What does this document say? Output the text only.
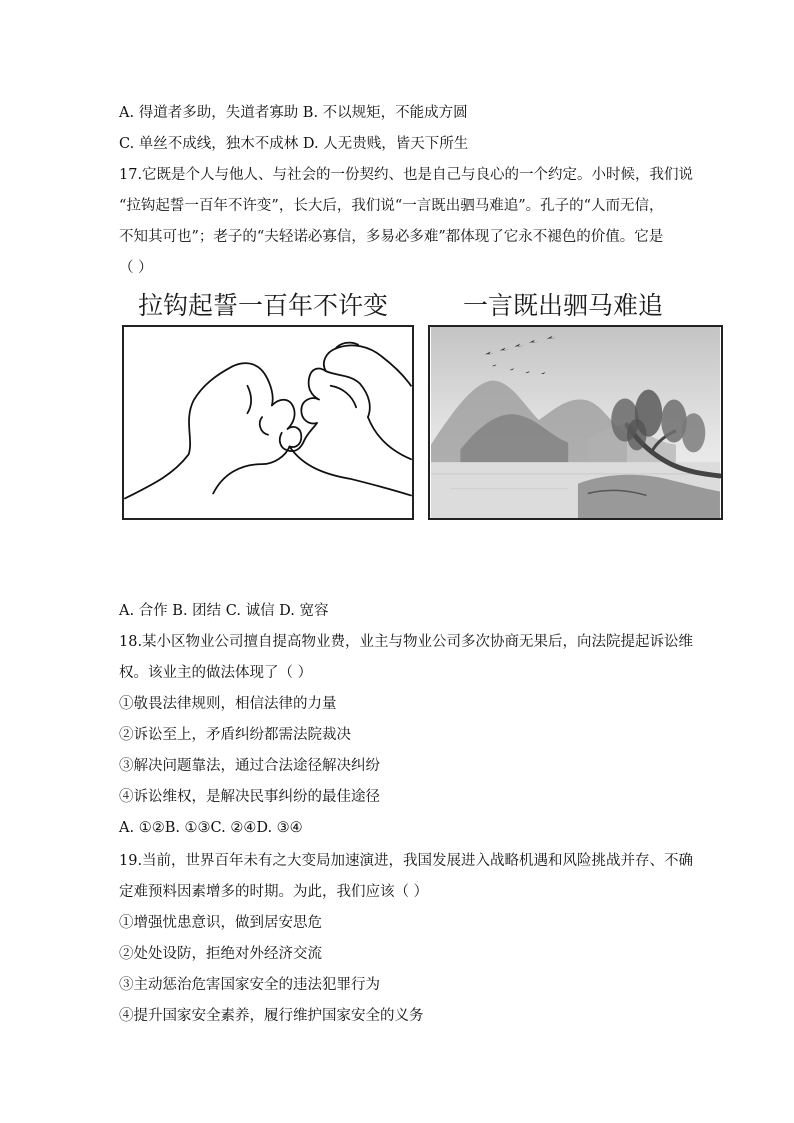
A. 得道者多助，失道者寡助 B. 不以规矩，不能成方圆
C. 单丝不成线，独木不成林 D. 人无贵贱，皆天下所生
17.它既是个人与他人、与社会的一份契约、也是自己与良心的一个约定。小时候，我们说
“拉钩起誓一百年不许变”，长大后，我们说“一言既出驷马难追”。孔子的“人而无信，
不知其可也”；老子的“夫轻诺必寡信，多易必多难”都体现了它永不褪色的价值。它是
（ ）
拉钩起誓一百年不许变	一言既出驷马难追
A. 合作 B. 团结 C. 诚信 D. 宽容
18.某小区物业公司擅自提高物业费，业主与物业公司多次协商无果后，向法院提起诉讼维
权。该业主的做法体现了（ ）
①敬畏法律规则，相信法律的力量
②诉讼至上，矛盾纠纷都需法院裁决
③解决问题靠法，通过合法途径解决纠纷
④诉讼维权，是解决民事纠纷的最佳途径
A. ①②B. ①③C. ②④D. ③④
19.当前，世界百年未有之大变局加速演进，我国发展进入战略机遇和风险挑战并存、不确
定难预料因素增多的时期。为此，我们应该（ ）
①增强忧患意识，做到居安思危
②处处设防，拒绝对外经济交流
③主动惩治危害国家安全的违法犯罪行为
④提升国家安全素养，履行维护国家安全的义务
